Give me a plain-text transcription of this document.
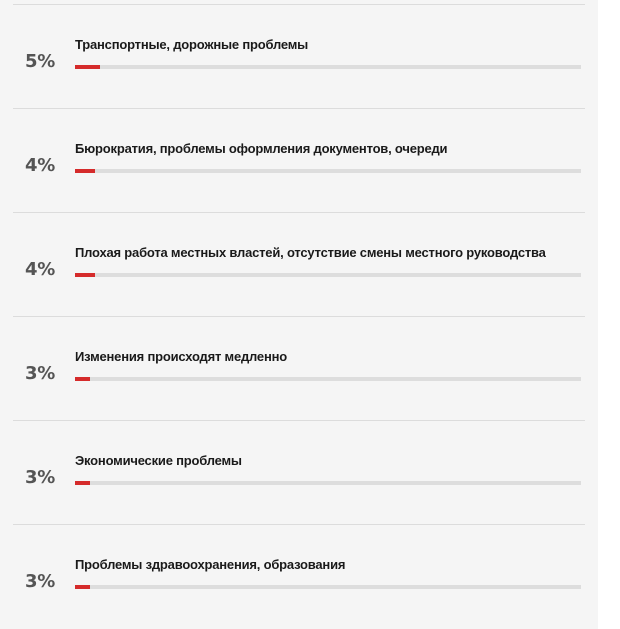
5%
Транспортные, дорожные проблемы
4%
Бюрократия, проблемы оформления документов, очереди
4%
Плохая работа местных властей, отсутствие смены местного руководства
3%
Изменения происходят медленно
3%
Экономические проблемы
3%
Проблемы здравоохранения, образования
